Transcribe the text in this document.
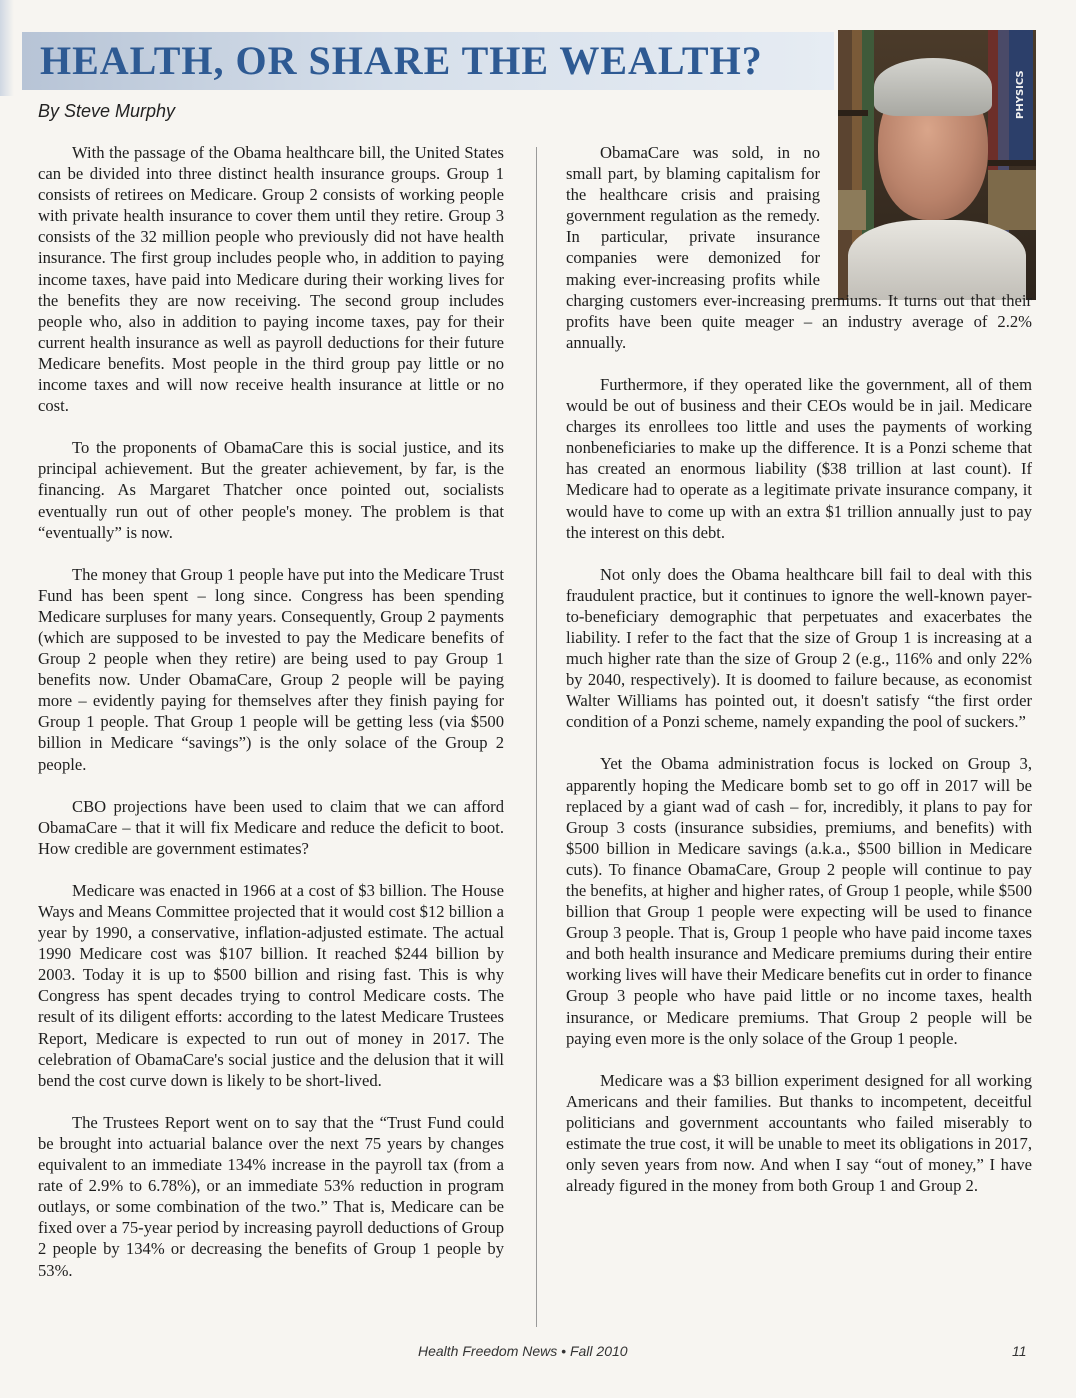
HEALTH, OR SHARE THE WEALTH?
By Steve Murphy	PHYSICS

With the passage of the Obama healthcare bill, the United States can be divided into three distinct health insurance groups. Group 1 consists of retirees on Medicare. Group 2 consists of working people with private health insurance to cover them until they retire. Group 3 consists of the 32 million people who previously did not have health insurance. The first group includes people who, in addition to paying income taxes, have paid into Medicare during their working lives for the benefits they are now receiving. The second group includes people who, also in addition to paying income taxes, pay for their current health insurance as well as payroll deductions for their future Medicare benefits. Most people in the third group pay little or no income taxes and will now receive health insurance at little or no cost.

To the proponents of ObamaCare this is social justice, and its principal achievement. But the greater achievement, by far, is the financing. As Margaret Thatcher once pointed out, socialists eventually run out of other people's money. The problem is that “eventually” is now.

The money that Group 1 people have put into the Medicare Trust Fund has been spent – long since. Congress has been spending Medicare surpluses for many years. Consequently, Group 2 payments (which are supposed to be invested to pay the Medicare benefits of Group 2 people when they retire) are being used to pay Group 1 benefits now. Under ObamaCare, Group 2 people will be paying more – evidently paying for themselves after they finish paying for Group 1 people. That Group 1 people will be getting less (via $500 billion in Medicare “savings”) is the only solace of the Group 2 people.

CBO projections have been used to claim that we can afford ObamaCare – that it will fix Medicare and reduce the deficit to boot. How credible are government estimates?

Medicare was enacted in 1966 at a cost of $3 billion. The House Ways and Means Committee projected that it would cost $12 billion a year by 1990, a conservative, inflation-adjusted estimate. The actual 1990 Medicare cost was $107 billion. It reached $244 billion by 2003. Today it is up to $500 billion and rising fast. This is why Congress has spent decades trying to control Medicare costs. The result of its diligent efforts: according to the latest Medicare Trustees Report, Medicare is expected to run out of money in 2017. The celebration of ObamaCare's social justice and the delusion that it will bend the cost curve down is likely to be short-lived.

The Trustees Report went on to say that the “Trust Fund could be brought into actuarial balance over the next 75 years by changes equivalent to an immediate 134% increase in the payroll tax (from a rate of 2.9% to 6.78%), or an immediate 53% reduction in program outlays, or some combination of the two.” That is, Medicare can be fixed over a 75-year period by increasing payroll deductions of Group 2 people by 134% or decreasing the benefits of Group 1 people by 53%.

ObamaCare was sold, in no small part, by blaming capitalism for the healthcare crisis and praising government regulation as the remedy. In particular, private insurance companies were demonized for making ever-increasing profits while charging customers ever-increasing premiums. It turns out that their profits have been quite meager – an industry average of 2.2% annually.

Furthermore, if they operated like the government, all of them would be out of business and their CEOs would be in jail. Medicare charges its enrollees too little and uses the payments of working nonbeneficiaries to make up the difference. It is a Ponzi scheme that has created an enormous liability ($38 trillion at last count). If Medicare had to operate as a legitimate private insurance company, it would have to come up with an extra $1 trillion annually just to pay the interest on this debt.

Not only does the Obama healthcare bill fail to deal with this fraudulent practice, but it continues to ignore the well-known payer-to-beneficiary demographic that perpetuates and exacerbates the liability. I refer to the fact that the size of Group 1 is increasing at a much higher rate than the size of Group 2 (e.g., 116% and only 22% by 2040, respectively). It is doomed to failure because, as economist Walter Williams has pointed out, it doesn't satisfy “the first order condition of a Ponzi scheme, namely expanding the pool of suckers.”

Yet the Obama administration focus is locked on Group 3, apparently hoping the Medicare bomb set to go off in 2017 will be replaced by a giant wad of cash – for, incredibly, it plans to pay for Group 3 costs (insurance subsidies, premiums, and benefits) with $500 billion in Medicare savings (a.k.a., $500 billion in Medicare cuts). To finance ObamaCare, Group 2 people will continue to pay the benefits, at higher and higher rates, of Group 1 people, while $500 billion that Group 1 people were expecting will be used to finance Group 3 people. That is, Group 1 people who have paid income taxes and both health insurance and Medicare premiums during their entire working lives will have their Medicare benefits cut in order to finance Group 3 people who have paid little or no income taxes, health insurance, or Medicare premiums. That Group 2 people will be paying even more is the only solace of the Group 1 people.

Medicare was a $3 billion experiment designed for all working Americans and their families. But thanks to incompetent, deceitful politicians and government accountants who failed miserably to estimate the true cost, it will be unable to meet its obligations in 2017, only seven years from now. And when I say “out of money,” I have already figured in the money from both Group 1 and Group 2.

Health Freedom News • Fall 2010	11
